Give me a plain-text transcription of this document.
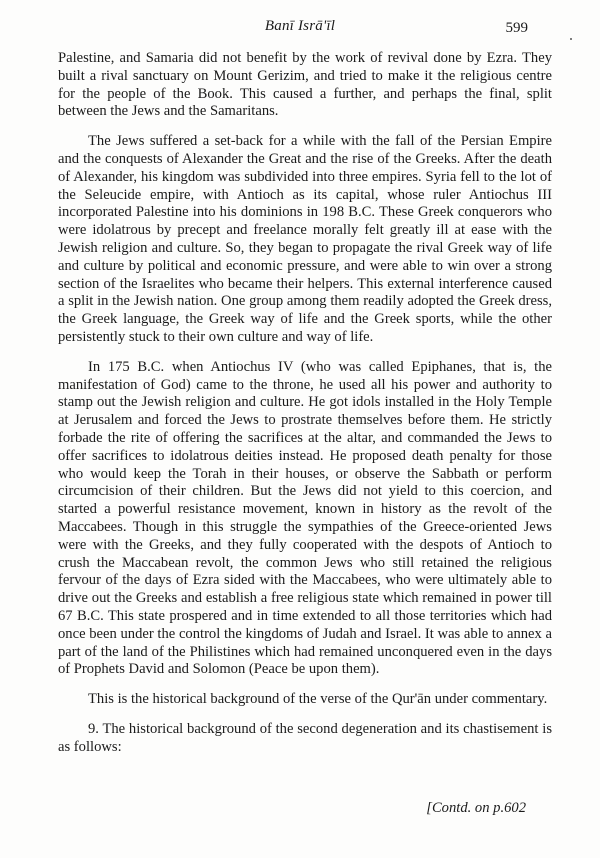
Banī Isrā'īl	599

Palestine, and Samaria did not benefit by the work of revival done by Ezra. They built a rival sanctuary on Mount Gerizim, and tried to make it the religious centre for the people of the Book. This caused a further, and perhaps the final, split between the Jews and the Samaritans.

The Jews suffered a set-back for a while with the fall of the Persian Empire and the conquests of Alexander the Great and the rise of the Greeks. After the death of Alexander, his kingdom was subdivided into three empires. Syria fell to the lot of the Seleucide empire, with Antioch as its capital, whose ruler Antiochus III incorporated Palestine into his dominions in 198 B.C. These Greek conquerors who were idolatrous by precept and freelance morally felt greatly ill at ease with the Jewish religion and culture. So, they began to propagate the rival Greek way of life and culture by political and economic pressure, and were able to win over a strong section of the Israelites who became their helpers. This external interference caused a split in the Jewish nation. One group among them readily adopted the Greek dress, the Greek language, the Greek way of life and the Greek sports, while the other persistently stuck to their own culture and way of life.

In 175 B.C. when Antiochus IV (who was called Epiphanes, that is, the manifestation of God) came to the throne, he used all his power and authority to stamp out the Jewish religion and culture. He got idols installed in the Holy Temple at Jerusalem and forced the Jews to prostrate themselves before them. He strictly forbade the rite of offering the sacrifices at the altar, and commanded the Jews to offer sacrifices to idolatrous deities instead. He proposed death penalty for those who would keep the Torah in their houses, or observe the Sabbath or perform circumcision of their children. But the Jews did not yield to this coercion, and started a powerful resistance movement, known in history as the revolt of the Maccabees. Though in this struggle the sympathies of the Greece-oriented Jews were with the Greeks, and they fully cooperated with the despots of Antioch to crush the Maccabean revolt, the common Jews who still retained the religious fervour of the days of Ezra sided with the Maccabees, who were ultimately able to drive out the Greeks and establish a free religious state which remained in power till 67 B.C. This state prospered and in time extended to all those territories which had once been under the control the kingdoms of Judah and Israel. It was able to annex a part of the land of the Philistines which had remained unconquered even in the days of Prophets David and Solomon (Peace be upon them).

This is the historical background of the verse of the Qur'ān under commentary.

9. The historical background of the second degeneration and its chastisement is as follows:

[Contd. on p.602
